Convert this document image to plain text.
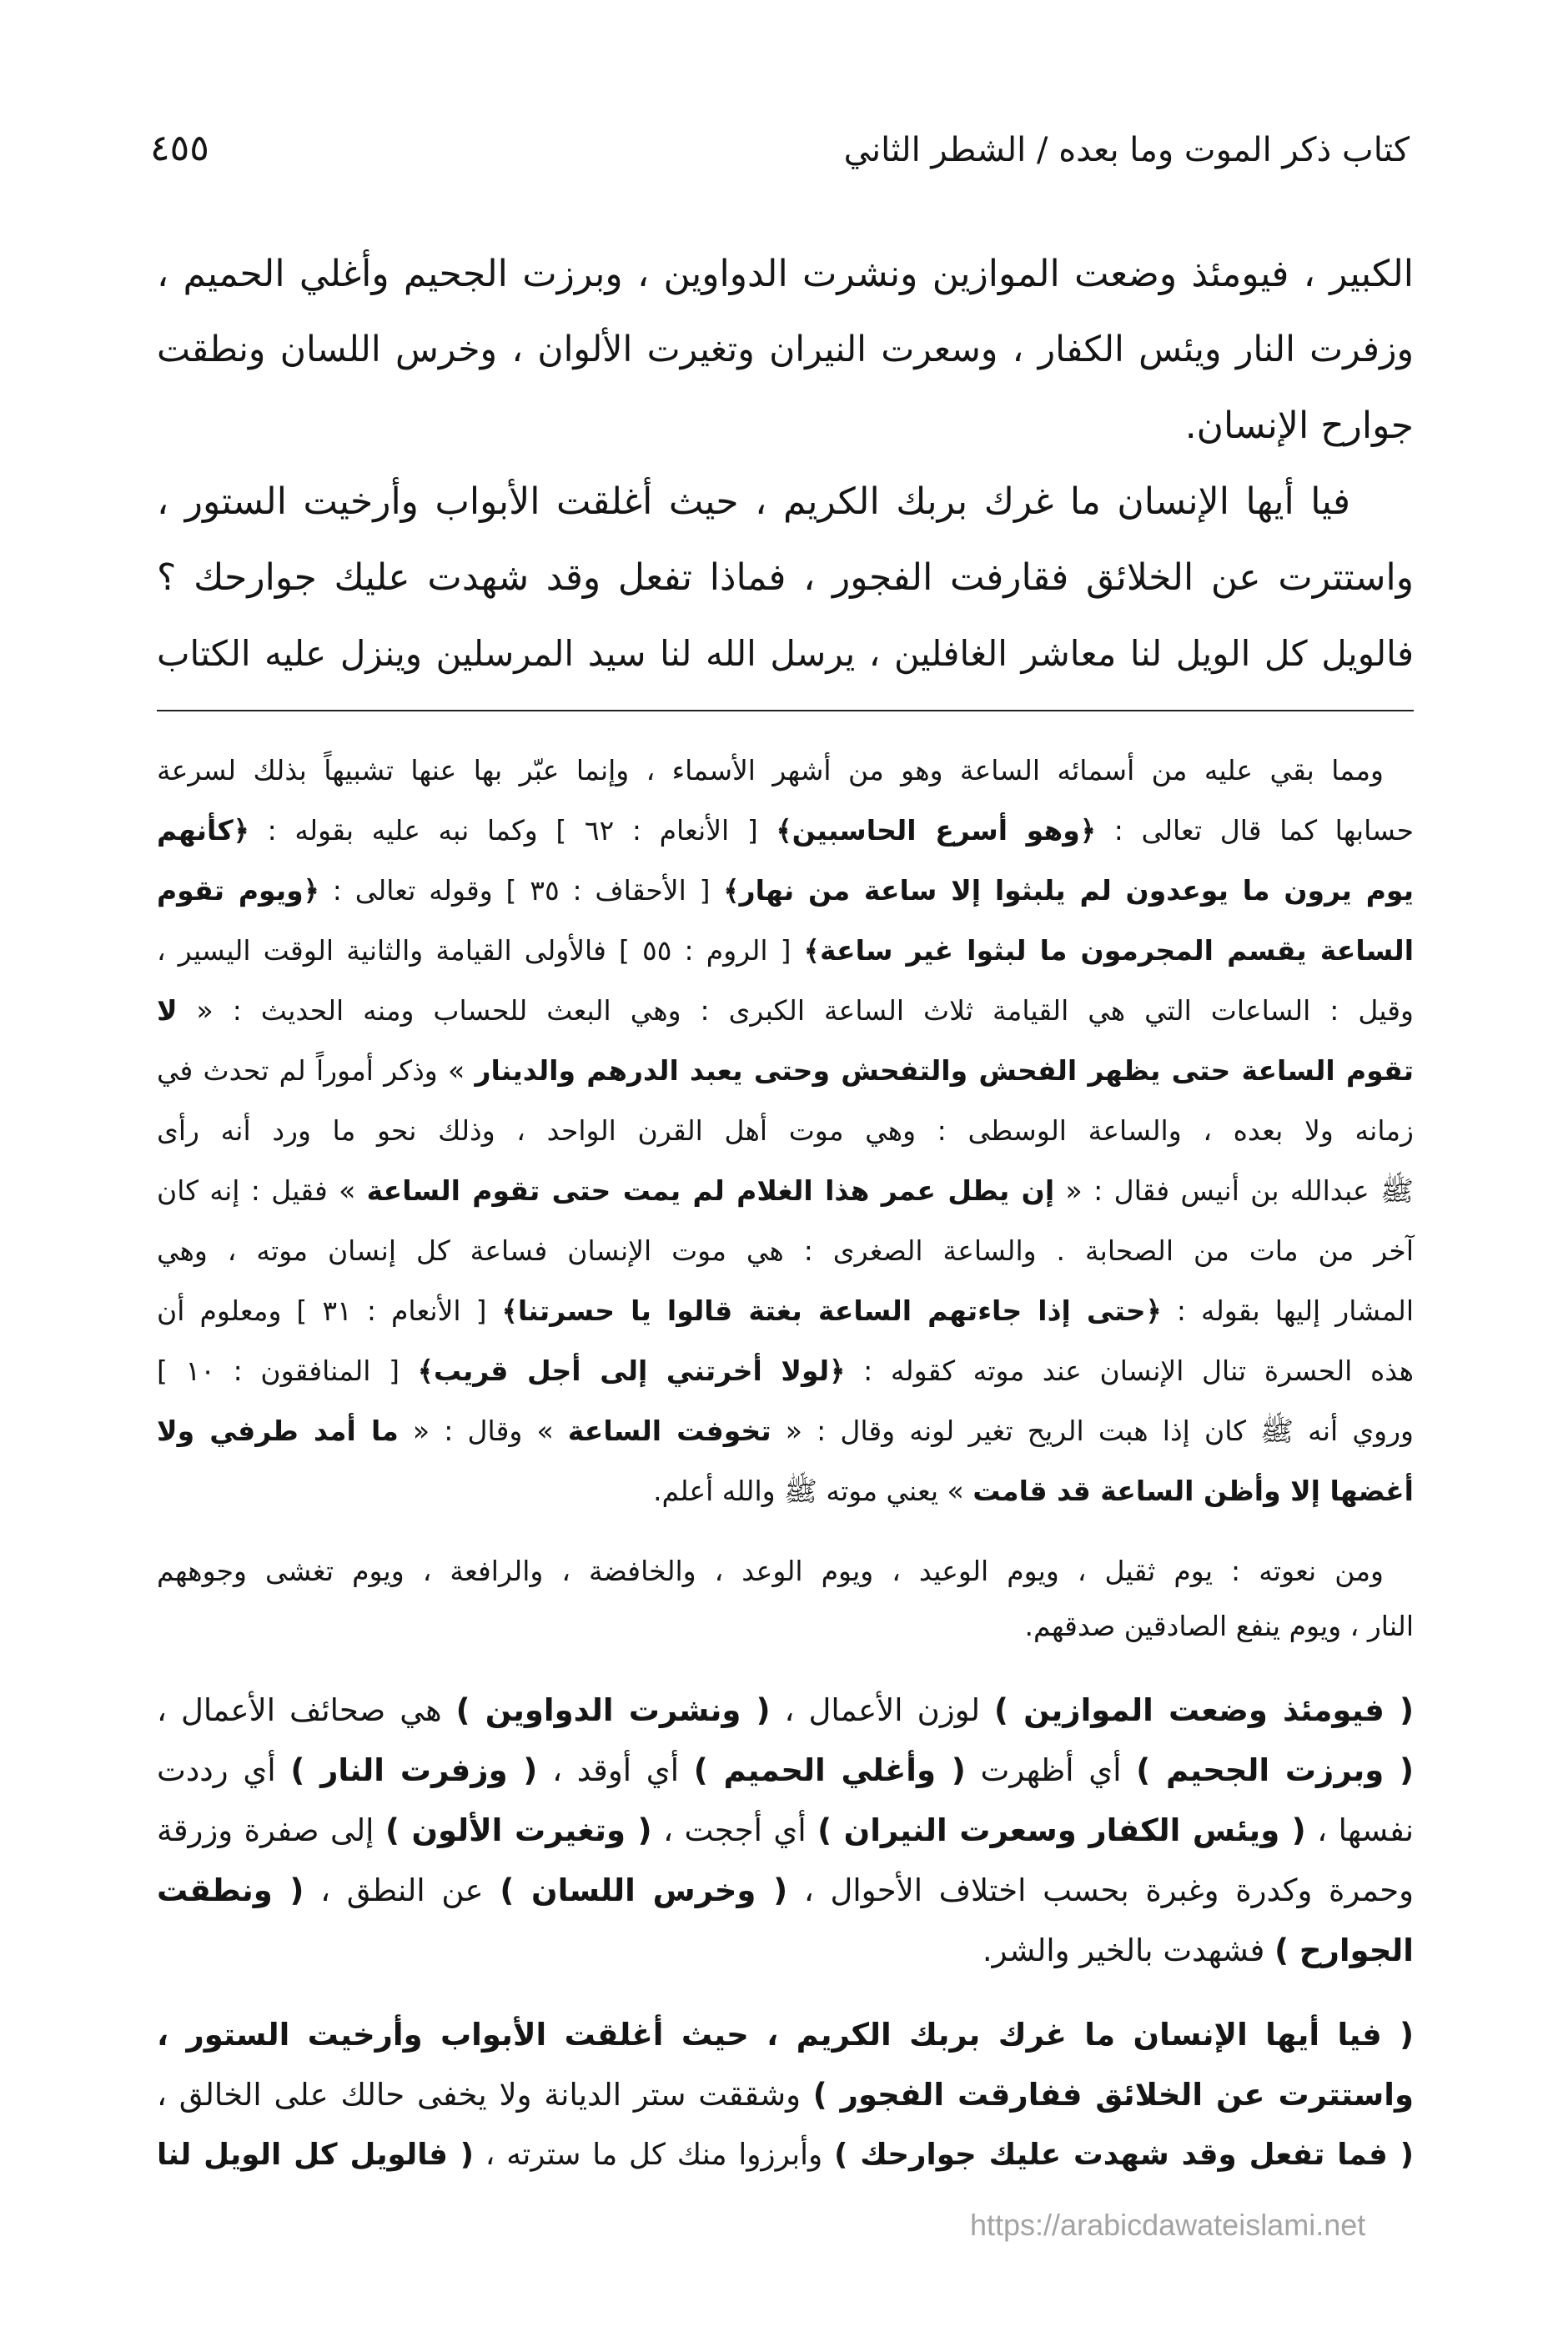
كتاب ذكر الموت وما بعده / الشطر الثاني
٤٥٥
الكبير ، فيومئذ وضعت الموازين ونشرت الدواوين ، وبرزت الجحيم وأغلي الحميم ،
وزفرت النار ويئس الكفار ، وسعرت النيران وتغيرت الألوان ، وخرس اللسان ونطقت
جوارح الإنسان.
فيا أيها الإنسان ما غرك بربك الكريم ، حيث أغلقت الأبواب وأرخيت الستور ،
واستترت عن الخلائق فقارفت الفجور ، فماذا تفعل وقد شهدت عليك جوارحك ؟
فالويل كل الويل لنا معاشر الغافلين ، يرسل الله لنا سيد المرسلين وينزل عليه الكتاب
ومما بقي عليه من أسمائه الساعة وهو من أشهر الأسماء ، وإنما عبّر بها عنها تشبيهاً بذلك لسرعة
حسابها كما قال تعالى : ﴿وهو أسرع الحاسبين﴾ [ الأنعام : ٦٢ ] وكما نبه عليه بقوله : ﴿كأنهم
يوم يرون ما يوعدون لم يلبثوا إلا ساعة من نهار﴾ [ الأحقاف : ٣٥ ] وقوله تعالى : ﴿ويوم تقوم
الساعة يقسم المجرمون ما لبثوا غير ساعة﴾ [ الروم : ٥٥ ] فالأولى القيامة والثانية الوقت اليسير ،
وقيل : الساعات التي هي القيامة ثلاث الساعة الكبرى : وهي البعث للحساب ومنه الحديث : « لا
تقوم الساعة حتى يظهر الفحش والتفحش وحتى يعبد الدرهم والدينار » وذكر أموراً لم تحدث في
زمانه ولا بعده ، والساعة الوسطى : وهي موت أهل القرن الواحد ، وذلك نحو ما ورد أنه رأى
ﷺ عبدالله بن أنيس فقال : « إن يطل عمر هذا الغلام لم يمت حتى تقوم الساعة » فقيل : إنه كان
آخر من مات من الصحابة . والساعة الصغرى : هي موت الإنسان فساعة كل إنسان موته ، وهي
المشار إليها بقوله : ﴿حتى إذا جاءتهم الساعة بغتة قالوا يا حسرتنا﴾ [ الأنعام : ٣١ ] ومعلوم أن
هذه الحسرة تنال الإنسان عند موته كقوله : ﴿لولا أخرتني إلى أجل قريب﴾ [ المنافقون : ١٠ ]
وروي أنه ﷺ كان إذا هبت الريح تغير لونه وقال : « تخوفت الساعة » وقال : « ما أمد طرفي ولا
أغضها إلا وأظن الساعة قد قامت » يعني موته ﷺ والله أعلم.
ومن نعوته : يوم ثقيل ، ويوم الوعيد ، ويوم الوعد ، والخافضة ، والرافعة ، ويوم تغشى وجوههم
النار ، ويوم ينفع الصادقين صدقهم.
( فيومئذ وضعت الموازين ) لوزن الأعمال ، ( ونشرت الدواوين ) هي صحائف الأعمال ،
( وبرزت الجحيم ) أي أظهرت ( وأغلي الحميم ) أي أوقد ، ( وزفرت النار ) أي رددت
نفسها ، ( ويئس الكفار وسعرت النيران ) أي أججت ، ( وتغيرت الألون ) إلى صفرة وزرقة
وحمرة وكدرة وغبرة بحسب اختلاف الأحوال ، ( وخرس اللسان ) عن النطق ، ( ونطقت
الجوارح ) فشهدت بالخير والشر.
( فيا أيها الإنسان ما غرك بربك الكريم ، حيث أغلقت الأبواب وأرخيت الستور ،
واستترت عن الخلائق ففارقت الفجور ) وشققت ستر الديانة ولا يخفى حالك على الخالق ،
( فما تفعل وقد شهدت عليك جوارحك ) وأبرزوا منك كل ما سترته ، ( فالويل كل الويل لنا
https://arabicdawateislami.net
